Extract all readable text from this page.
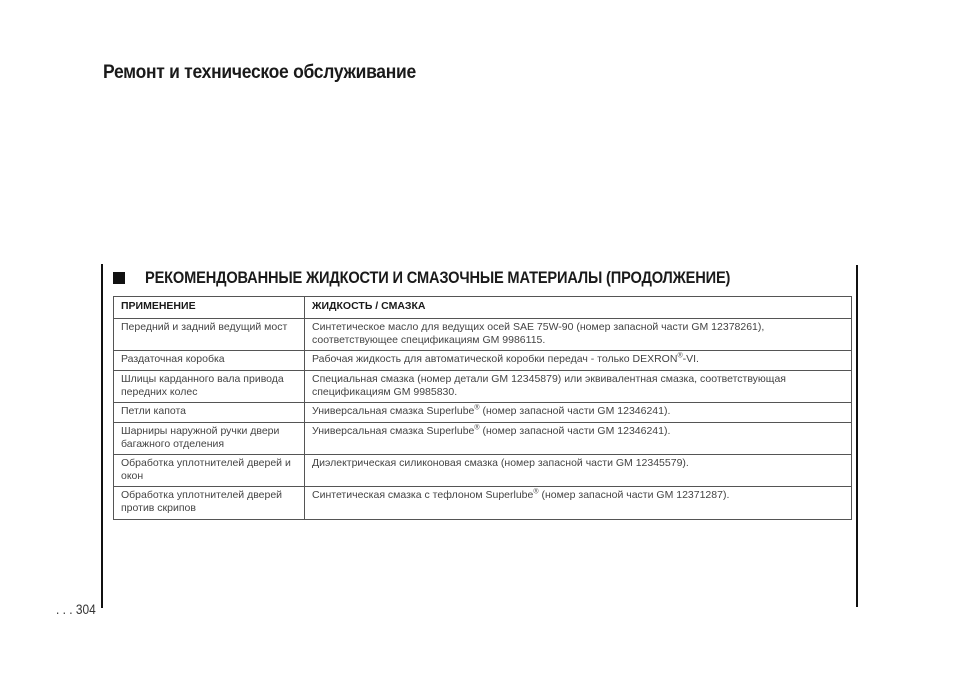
Ремонт и техническое обслуживание
РЕКОМЕНДОВАННЫЕ ЖИДКОСТИ И СМАЗОЧНЫЕ МАТЕРИАЛЫ (ПРОДОЛЖЕНИЕ)
ПРИМЕНЕНИЕ	ЖИДКОСТЬ / СМАЗКА
Передний и задний ведущий мост	Синтетическое масло для ведущих осей SAE 75W-90 (номер запасной части GM 12378261), соответствующее спецификациям GM 9986115.
Раздаточная коробка	Рабочая жидкость для автоматической коробки передач - только DEXRON®-VI.
Шлицы карданного вала привода передних колес	Специальная смазка (номер детали GM 12345879) или эквивалентная смазка, соответствующая спецификациям GM 9985830.
Петли капота	Универсальная смазка Superlube® (номер запасной части GM 12346241).
Шарниры наружной ручки двери багажного отделения	Универсальная смазка Superlube® (номер запасной части GM 12346241).
Обработка уплотнителей дверей и окон	Диэлектрическая силиконовая смазка (номер запасной части GM 12345579).
Обработка уплотнителей дверей против скрипов	Синтетическая смазка с тефлоном Superlube® (номер запасной части GM 12371287).
. . . 304
